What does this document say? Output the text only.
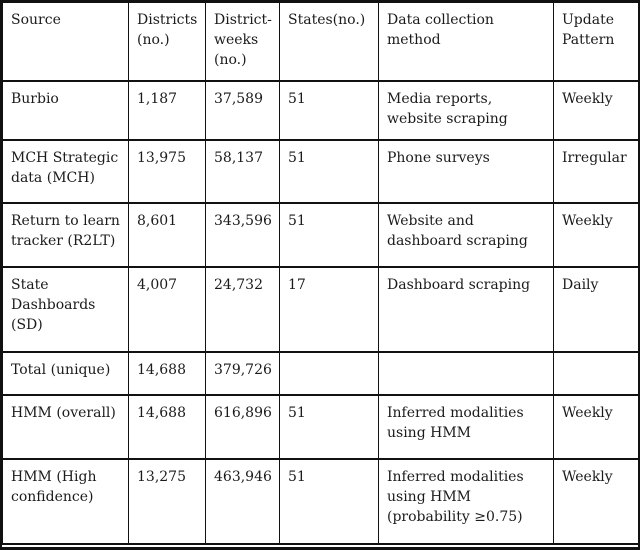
Source	Districts (no.)	District-weeks (no.)	States(no.)	Data collection method	Update Pattern
Burbio	1,187	37,589	51	Media reports, website scraping	Weekly
MCH Strategic data (MCH)	13,975	58,137	51	Phone surveys	Irregular
Return to learn tracker (R2LT)	8,601	343,596	51	Website and dashboard scraping	Weekly
State Dashboards (SD)	4,007	24,732	17	Dashboard scraping	Daily
Total (unique)	14,688	379,726			
HMM (overall)	14,688	616,896	51	Inferred modalities using HMM	Weekly
HMM (High confidence)	13,275	463,946	51	Inferred modalities using HMM (probability ≥0.75)	Weekly
